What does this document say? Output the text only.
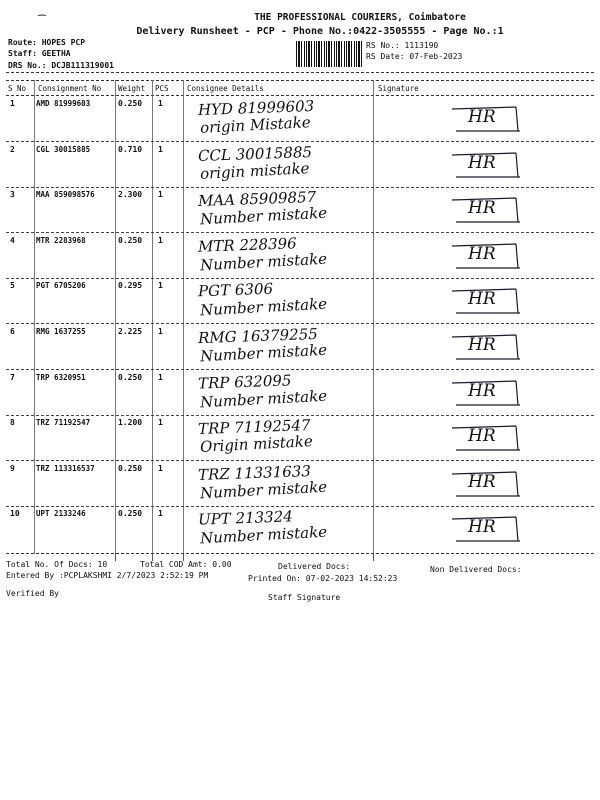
⁀	THE PROFESSIONAL COURIERS, Coimbatore
Delivery Runsheet - PCP - Phone No.:0422-3505555 - Page No.:1
Route: HOPES PCP
Staff: GEETHA
DRS No.: DCJB111319001
RS No.: 1113190
RS Date: 07-Feb-2023
S No Consignment No Weight PCS Consignee Details	Signature
1	AMD 81999603	0.250 1 HYD 81999603
origin Mistake	HR
2	CGL 30015885	0.710 1 CCL 30015885
origin mistake	HR
3	MAA 859098576	2.300 1 MAA 85909857
Number mistake	HR
4	MTR 2283968	0.250 1 MTR 228396
Number mistake	HR
5	PGT 6705206	0.295 1 PGT 6306
Number mistake	HR
6	RMG 1637255	2.225 1 RMG 16379255
Number mistake	HR
7	TRP 6320951	0.250 1 TRP 632095
Number mistake	HR
8	TRZ 71192547	1.200 1 TRP 71192547
Origin mistake	HR
9	TRZ 113316537	0.250 1 TRZ 11331633
Number mistake	HR
10 UPT 2133246	0.250 1 UPT 213324
Number mistake	HR
Total No. Of Docs: 10	Total COD Amt: 0.00	Delivered Docs:	Non Delivered Docs:
Entered By :PCPLAKSHMI 2/7/2023 2:52:19 PM	Printed On: 07-02-2023 14:52:23
Verified By	Staff Signature
